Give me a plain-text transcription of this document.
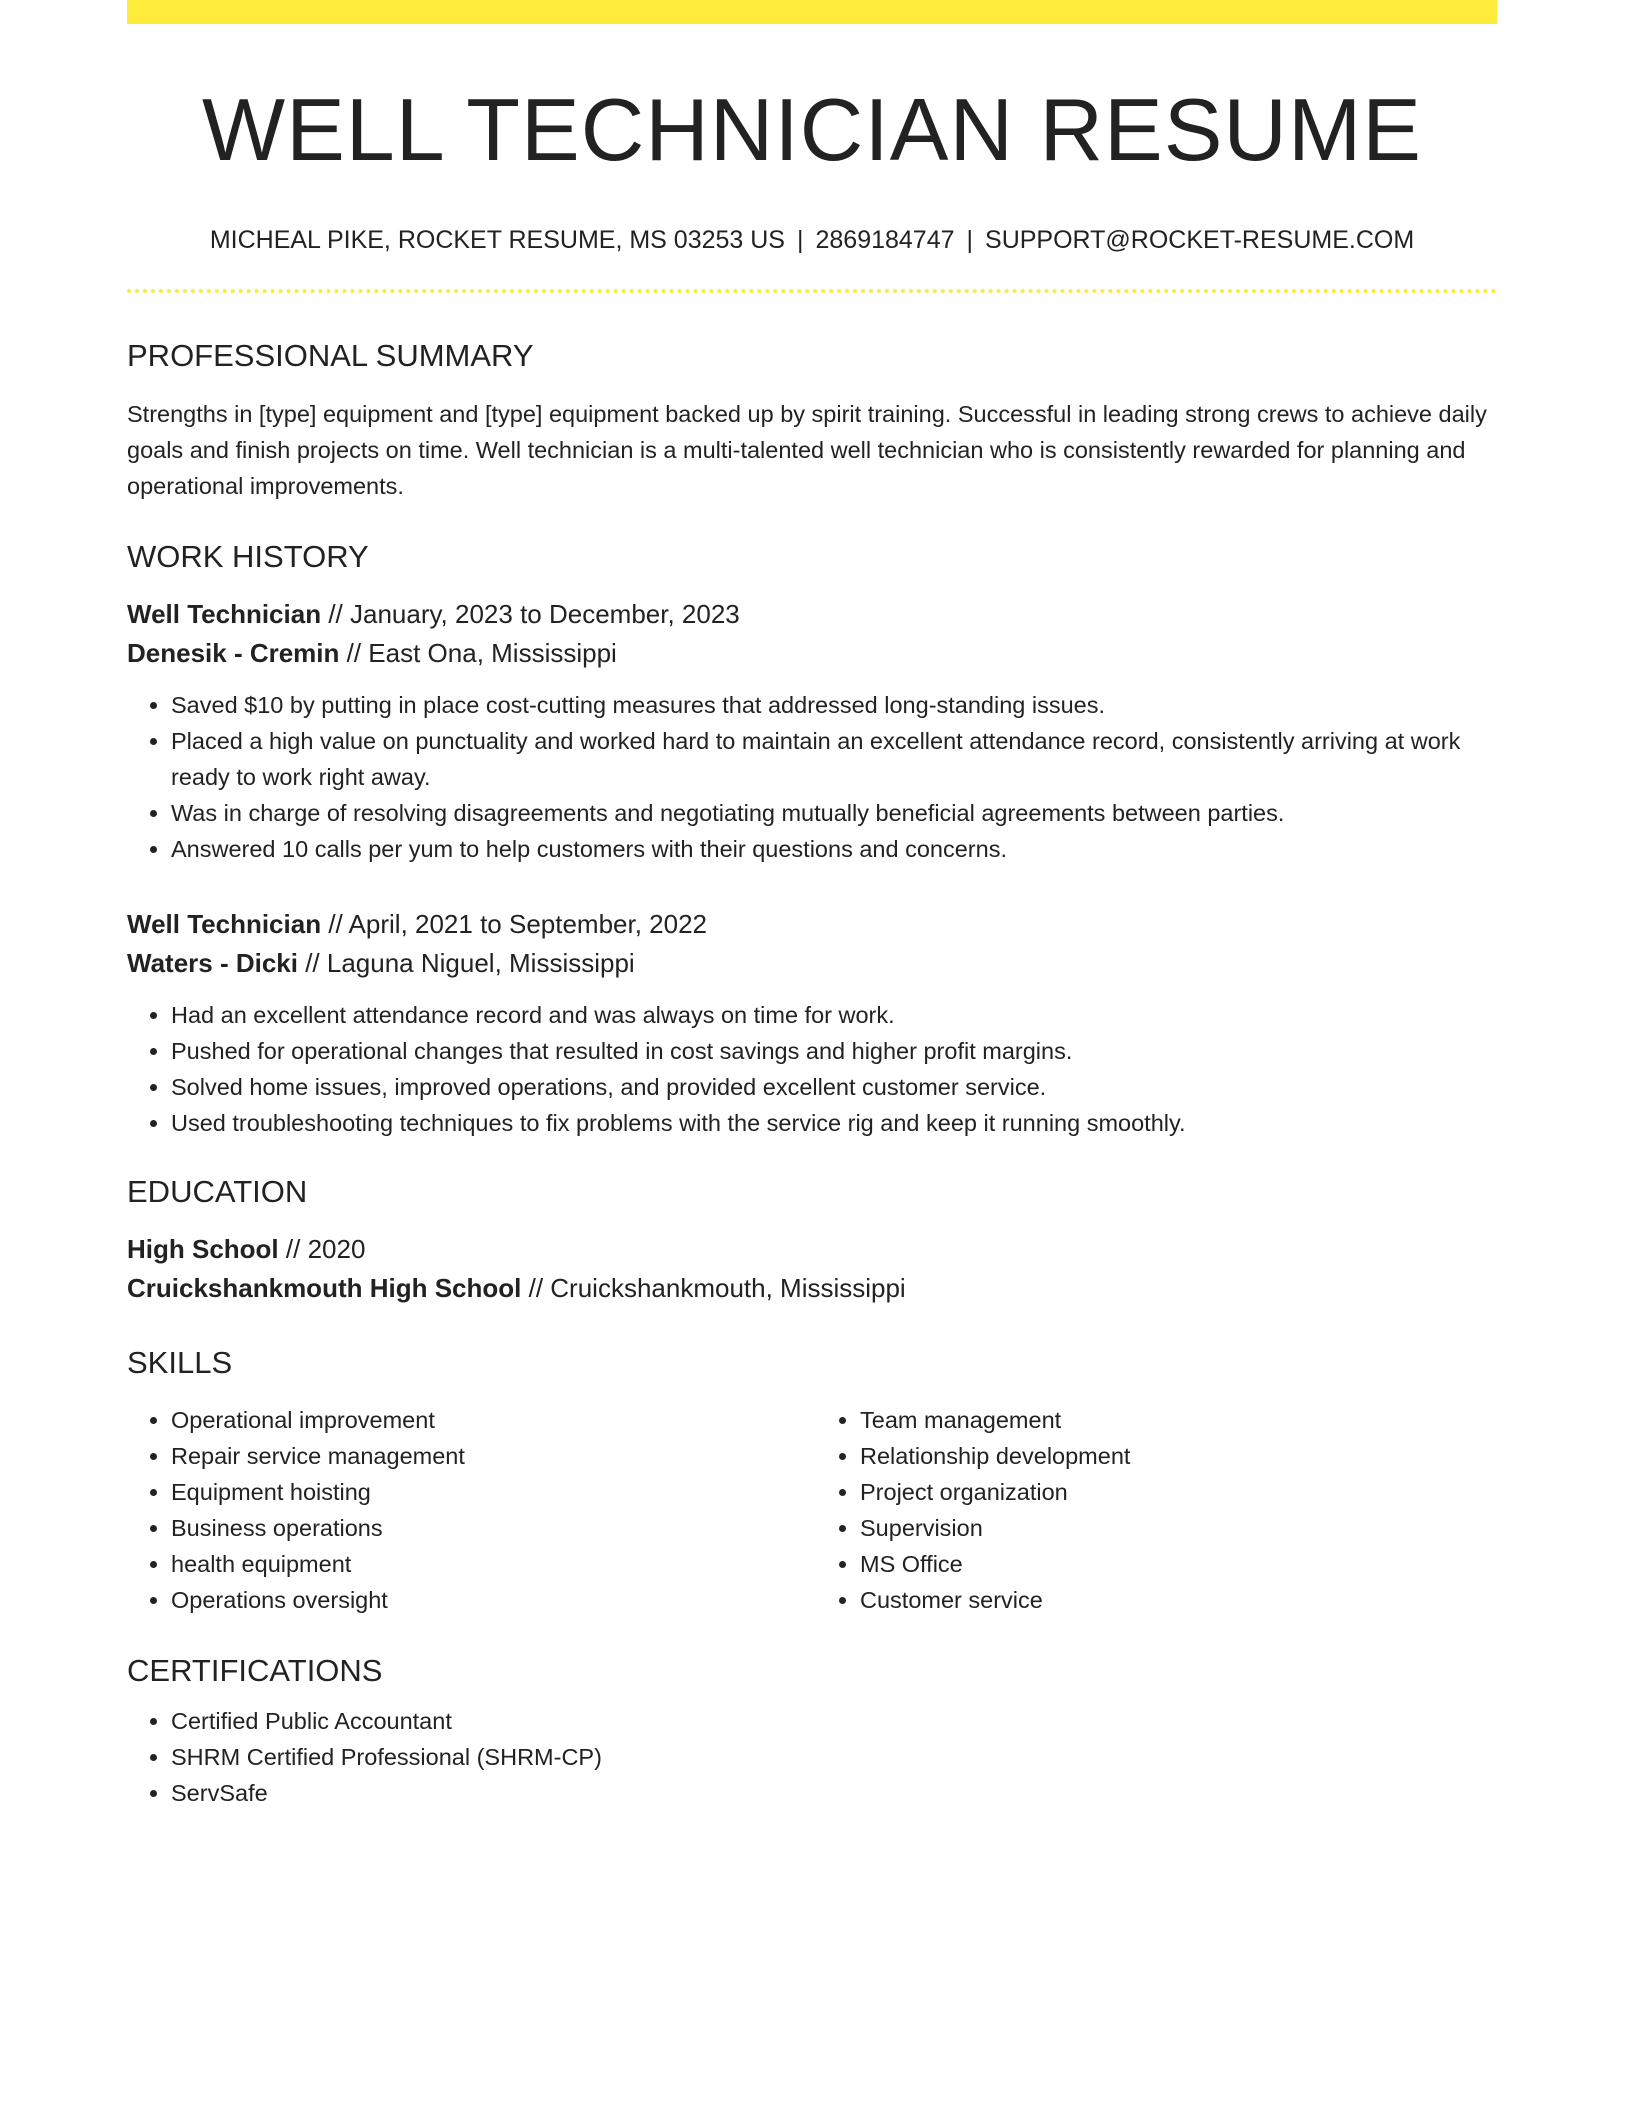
WELL TECHNICIAN RESUME
MICHEAL PIKE, ROCKET RESUME, MS 03253 US | 2869184747 | SUPPORT@ROCKET-RESUME.COM
PROFESSIONAL SUMMARY

Strengths in [type] equipment and [type] equipment backed up by spirit training. Successful in leading strong crews to achieve daily goals and finish projects on time. Well technician is a multi-talented well technician who is consistently rewarded for planning and operational improvements.

WORK HISTORY
Well Technician // January, 2023 to December, 2023
Denesik - Cremin // East Ona, Mississippi
• Saved $10 by putting in place cost-cutting measures that addressed long-standing issues.
• Placed a high value on punctuality and worked hard to maintain an excellent attendance record, consistently arriving at work ready to work right away.
• Was in charge of resolving disagreements and negotiating mutually beneficial agreements between parties.
• Answered 10 calls per yum to help customers with their questions and concerns.
Well Technician // April, 2021 to September, 2022
Waters - Dicki // Laguna Niguel, Mississippi
• Had an excellent attendance record and was always on time for work.
• Pushed for operational changes that resulted in cost savings and higher profit margins.
• Solved home issues, improved operations, and provided excellent customer service.
• Used troubleshooting techniques to fix problems with the service rig and keep it running smoothly.
EDUCATION
High School // 2020
Cruickshankmouth High School // Cruickshankmouth, Mississippi
SKILLS
• Operational improvement
• Repair service management
• Equipment hoisting
• Business operations
• health equipment
• Operations oversight
• Team management
• Relationship development
• Project organization
• Supervision
• MS Office
• Customer service
CERTIFICATIONS
• Certified Public Accountant
• SHRM Certified Professional (SHRM-CP)
• ServSafe
